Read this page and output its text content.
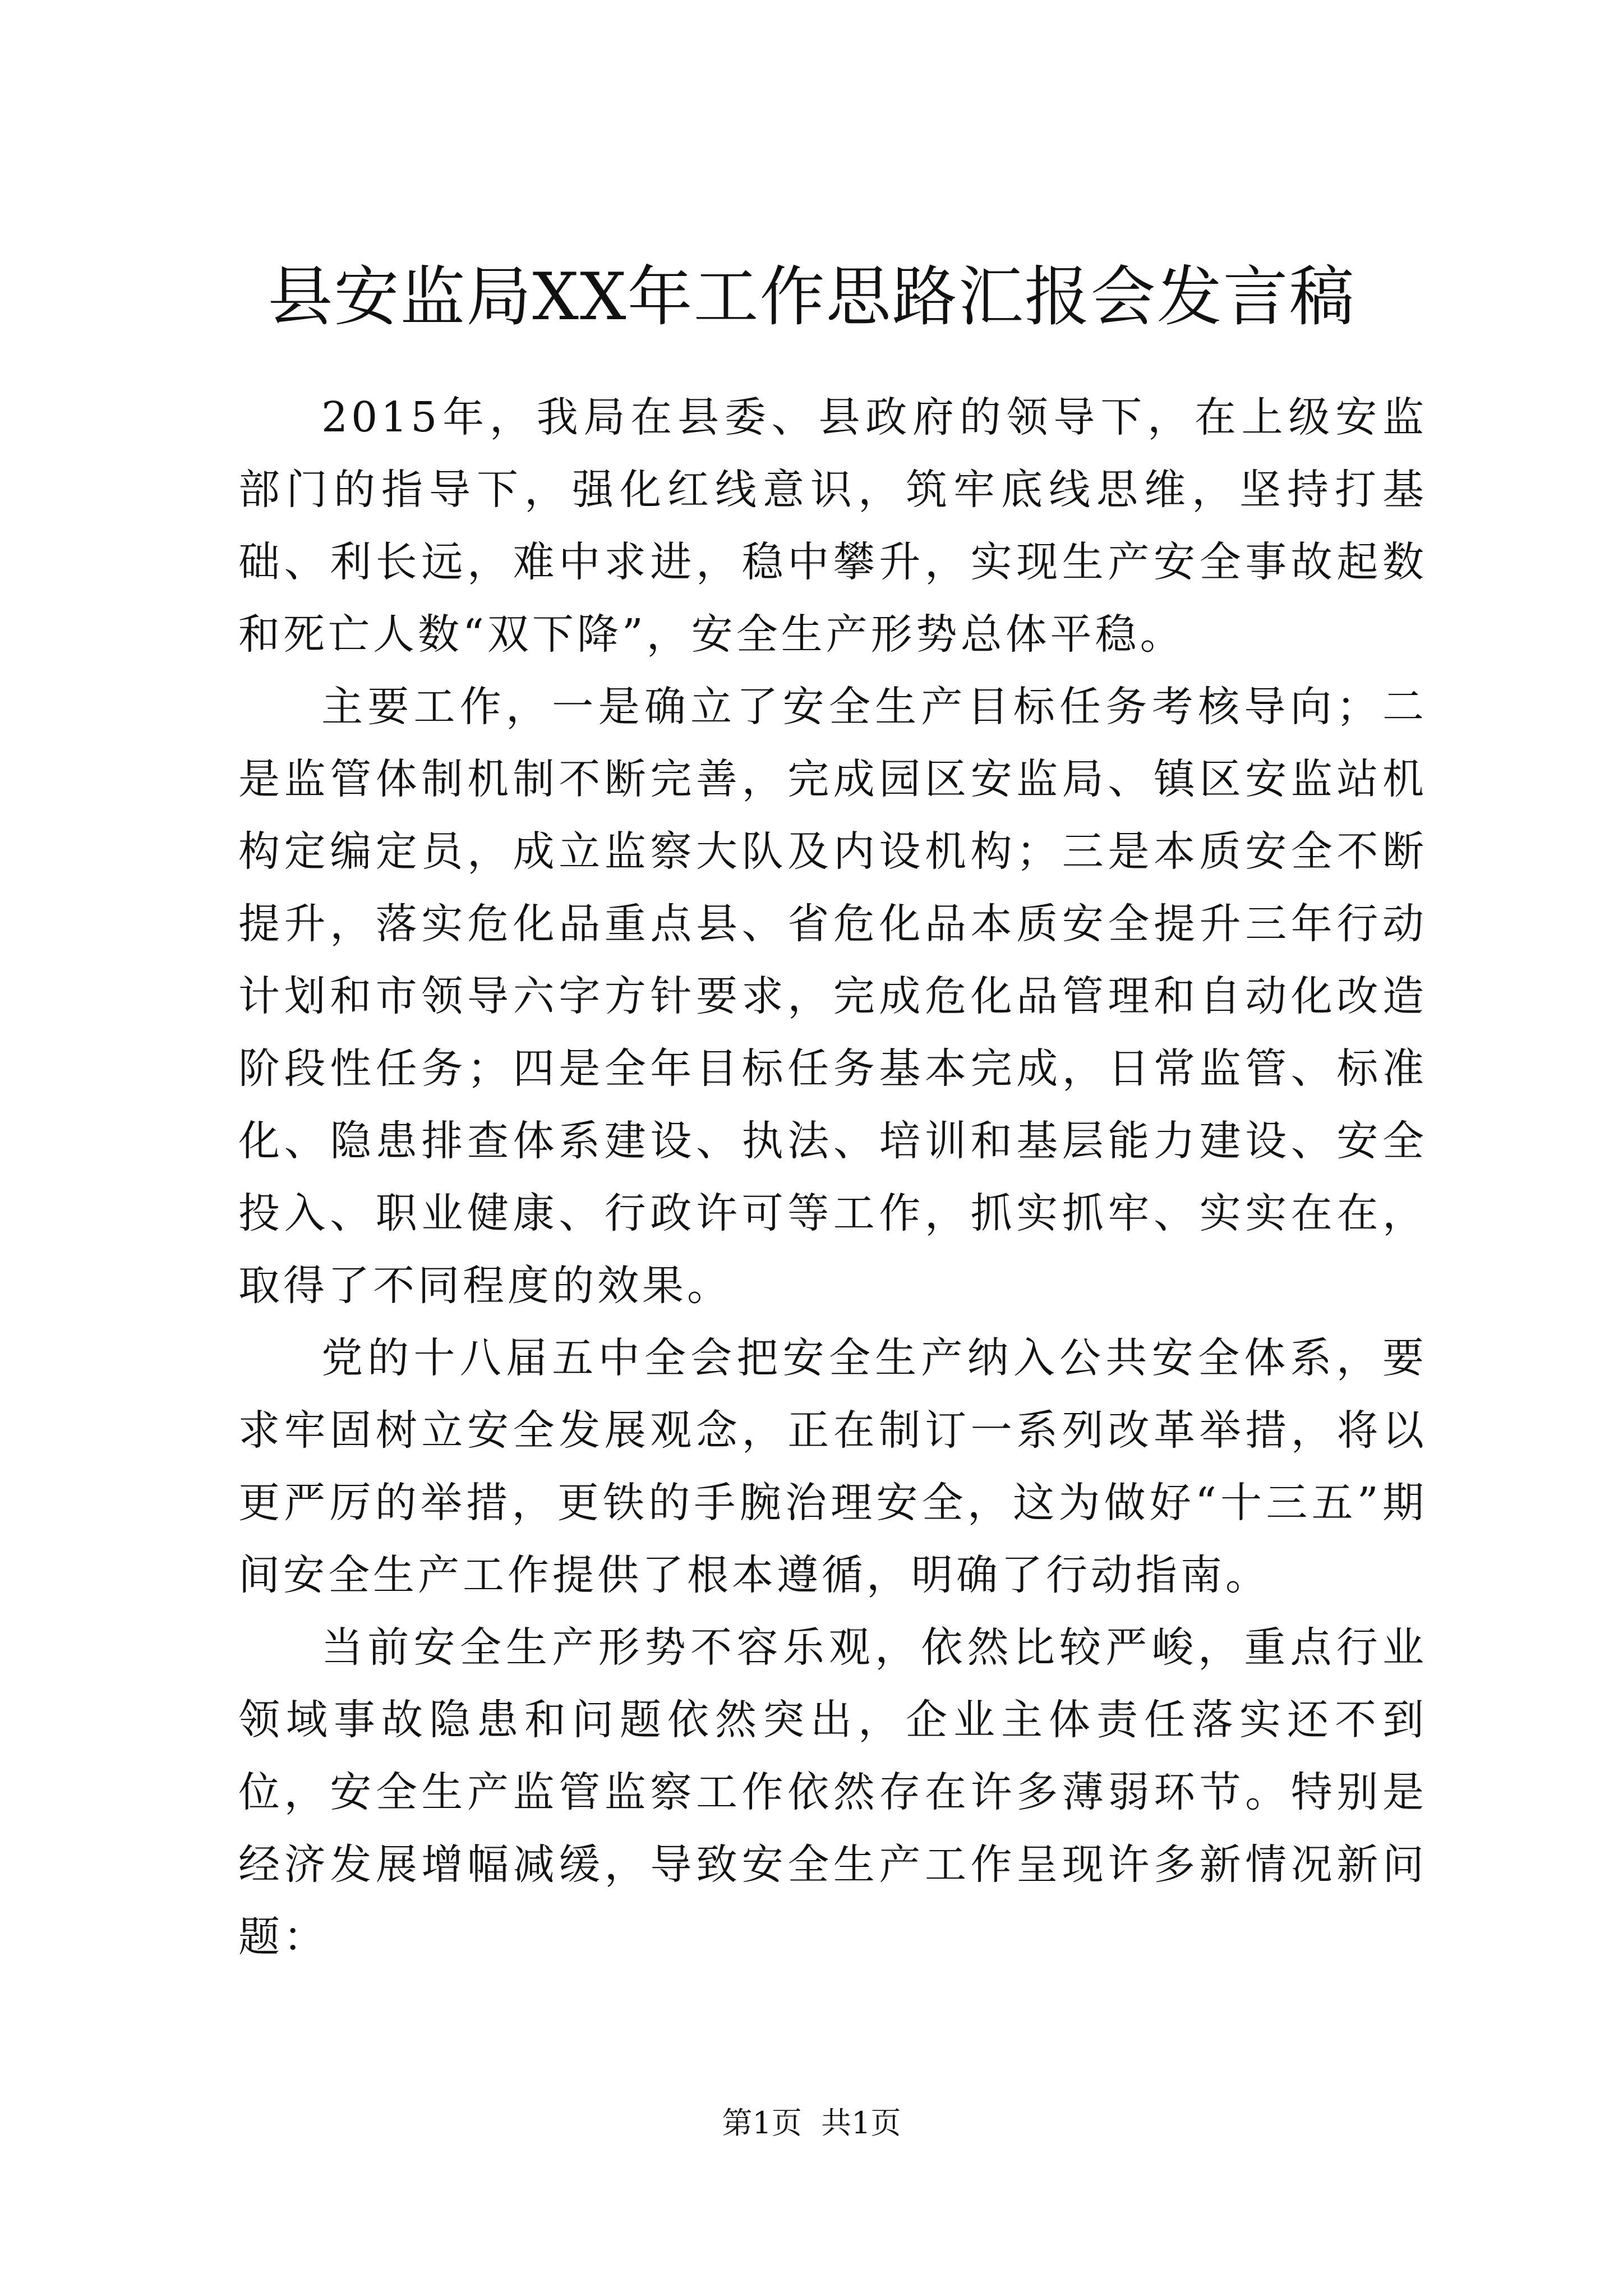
县安监局XX年工作思路汇报会发言稿

2015年，我局在县委、县政府的领导下，在上级安监部门的指导下，强化红线意识，筑牢底线思维，坚持打基础、利长远，难中求进，稳中攀升，实现生产安全事故起数和死亡人数“双下降”，安全生产形势总体平稳。

主要工作，一是确立了安全生产目标任务考核导向；二是监管体制机制不断完善，完成园区安监局、镇区安监站机构定编定员，成立监察大队及内设机构；三是本质安全不断提升，落实危化品重点县、省危化品本质安全提升三年行动计划和市领导六字方针要求，完成危化品管理和自动化改造阶段性任务；四是全年目标任务基本完成，日常监管、标准化、隐患排查体系建设、执法、培训和基层能力建设、安全投入、职业健康、行政许可等工作，抓实抓牢、实实在在，取得了不同程度的效果。

党的十八届五中全会把安全生产纳入公共安全体系，要求牢固树立安全发展观念，正在制订一系列改革举措，将以更严厉的举措，更铁的手腕治理安全，这为做好“十三五”期间安全生产工作提供了根本遵循，明确了行动指南。

当前安全生产形势不容乐观，依然比较严峻，重点行业领域事故隐患和问题依然突出，企业主体责任落实还不到位，安全生产监管监察工作依然存在许多薄弱环节。特别是经济发展增幅减缓，导致安全生产工作呈现许多新情况新问题：

第1页 共1页
